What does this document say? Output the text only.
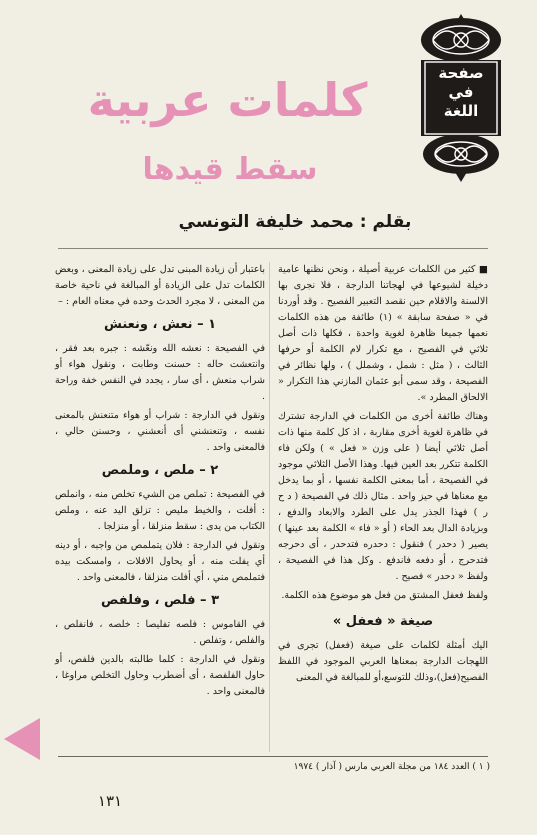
صفحة
في
اللغة
كلمات عربية
سقط قيدها
بقلم : محمد خليفة التونسي

■ كثير من الكلمات عربية أصيلة ، ونحن نظنها عامية دخيلة لشيوعها في لهجاتنا الدارجة ، فلا نجرى بها الالسنة والاقلام حين نقصد التعبير الفصيح . وقد أوردنا في « صفحة سابقة » (١) طائفة من هذه الكلمات نعمها جميعا ظاهرة لغوية واحدة ، فكلها ذات أصل ثلاثي في الفصيح ، مع تكرار لام الكلمة أو حرفها الثالث ، ( مثل : شمل ، وشملل ) ، ولها نظائر في الفصيحة ، وقد سمى أبو عثمان المازني هذا التكرار « الالحاق المطرد ».

وهناك طائفة أخرى من الكلمات في الدارجة تشترك في ظاهرة لغوية أخرى مقاربة ، اذ كل كلمة منها ذات أصل ثلاثي أيضا ( على وزن « فعل » ) ولكن فاء الكلمة تتكرر بعد العين فيها. وهذا الأصل الثلاثي موجود في الفصيحة ، أما بمعنى الكلمة نفسها ، أو بما يدخل مع معناها في حيز واحد . مثال ذلك في الفصيحة ( د ح ر ) فهذا الجذر يدل على الطرد والابعاد والدفع ، وبزيادة الدال بعد الحاء ( أو « فاء » الكلمة بعد عينها ) يصير ( دحدر ) فنقول : دحدره فتدحدر ، أى دحرجه فتدحرج ، أو دفعه فاندفع . وكل هذا في الفصيحة ، ولفظ « دحدر » فصيح .

ولفظ فعفل المشتق من فعل هو موضوع هذه الكلمة.

صيغة « فعفل »

اليك أمثلة لكلمات على صيغة (فعفل) تجرى في اللهجات الدارجة بمعناها العربي الموجود في اللفظ الفصيح(فعل)،وذلك للتوسع،أو للمبالغة في المعنى

باعتبار أن زيادة المبنى تدل على زيادة المعنى ، وبعض الكلمات تدل على الزيادة أو المبالغة في ناحية خاصة من المعنى ، لا مجرد الحدث وحده في معناه العام : –

١ – نعش ، ونعنش

في الفصيحة : نعشه الله ونعّشه : جبره بعد فقر ، وانتعشت حاله : حسنت وطابت ، ونقول هواء أو شراب منعش ، أى سار ، يجدد في النفس خفة وراحة .

ونقول في الدارجة : شراب أو هواء متنعنش بالمعنى نفسه ، وتنعنشني أى أنعشني ، وحسنن حالي ، فالمعنى واحد .

٢ – ملص ، وملمص

في الفصيحة : تملص من الشيء تخلص منه ، وانملص : أفلت ، والخيط مليص : تزلق اليد عنه ، وملص الكتاب من يدى : سقط منزلقا ، أو منزلجا .

ونقول في الدارجة : فلان يتملمص من واجبه ، أو دينه أي يفلت منه ، أو يحاول الافلات ، وامسكت بيده فتملمص مني ، أي أفلت منزلقا ، فالمعنى واحد .

٣ – فلص ، وفلفص

في القاموس : فلصه تفليصا : خلصه ، فانفلص ، والفلص ، وتفلص .

ونقول في الدارجة : كلما طالبته بالدين فلفص، أو حاول الفلفصة ، أى أضطرب وحاول التخلص مراوغا ، فالمعنى واحد .

( ١ ) العدد ١٨٤ من مجلة العربي مارس ( آذار ) ١٩٧٤
١٣١
